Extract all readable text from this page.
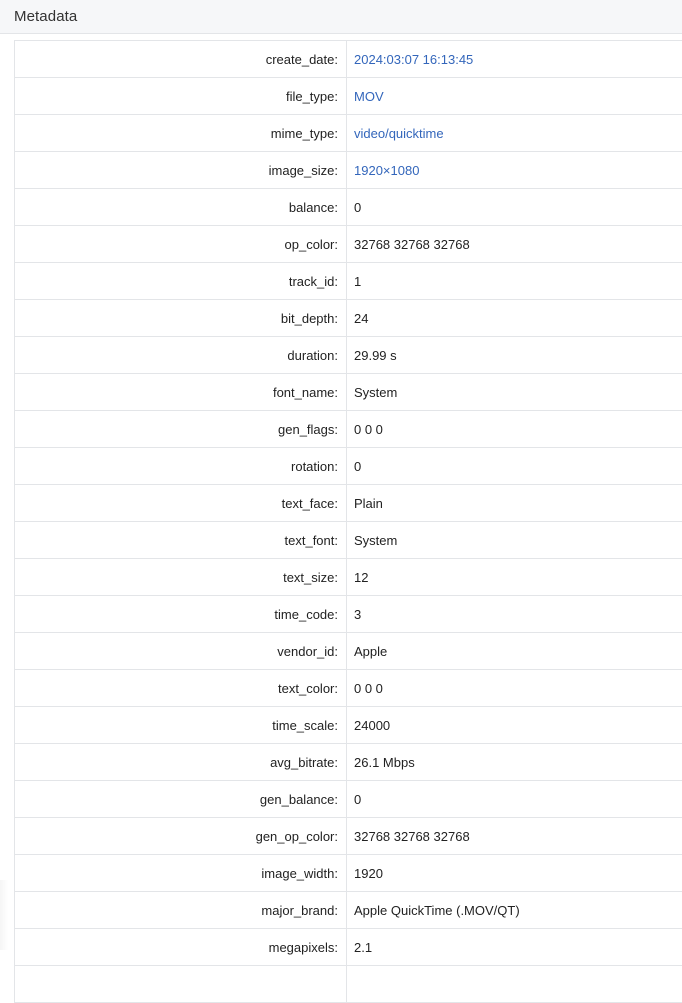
Metadata
create_date:	2024:03:07 16:13:45
file_type:	MOV
mime_type:	video/quicktime
image_size:	1920×1080
balance:	0
op_color:	32768 32768 32768
track_id:	1
bit_depth:	24
duration:	29.99 s
font_name:	System
gen_flags:	0 0 0
rotation:	0
text_face:	Plain
text_font:	System
text_size:	12
time_code:	3
vendor_id:	Apple
text_color:	0 0 0
time_scale:	24000
avg_bitrate:	26.1 Mbps
gen_balance:	0
gen_op_color:	32768 32768 32768
image_width:	1920
major_brand:	Apple QuickTime (.MOV/QT)
megapixels:	2.1
